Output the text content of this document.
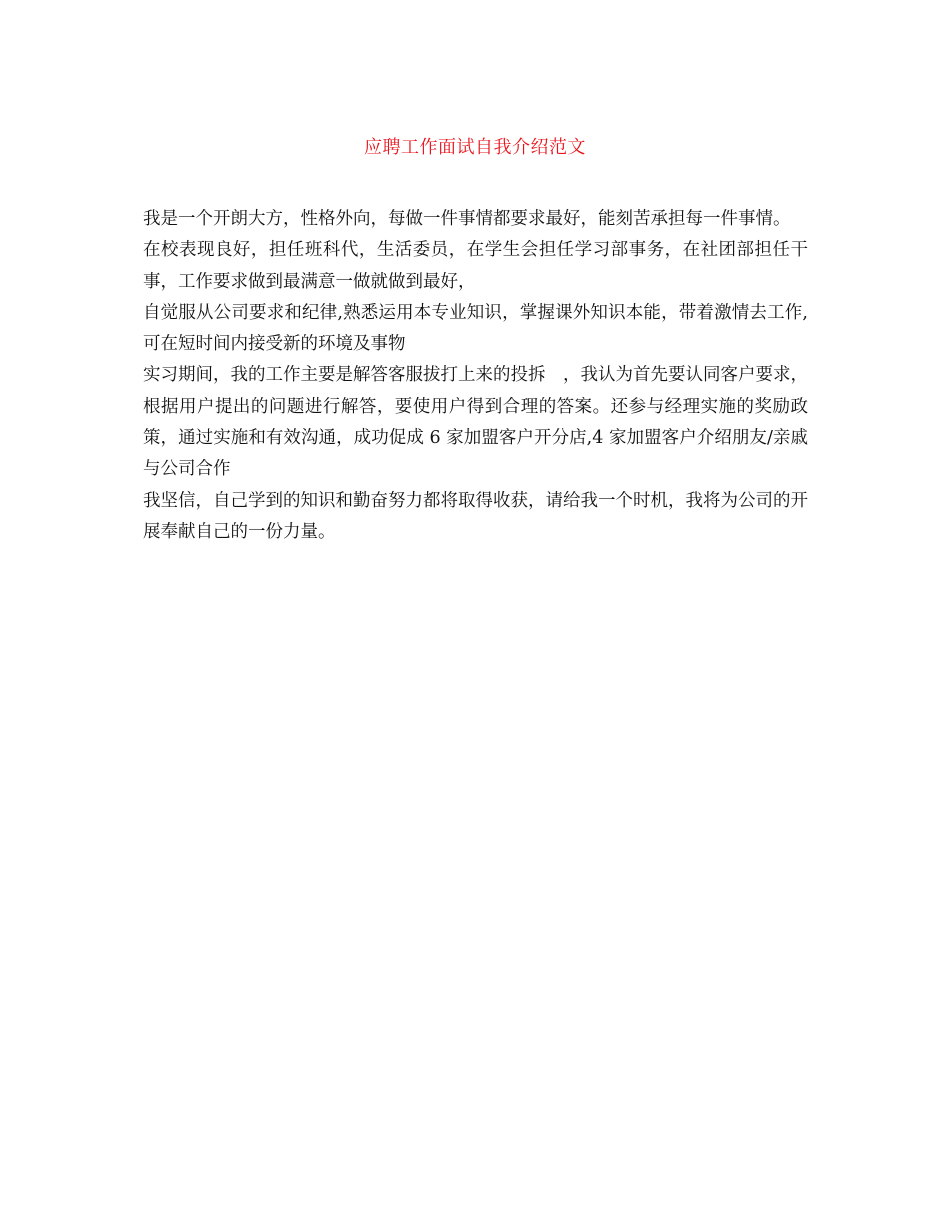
应聘工作面试自我介绍范文

我是一个开朗大方，性格外向，每做一件事情都要求最好，能刻苦承担每一件事情。

在校表现良好，担任班科代，生活委员，在学生会担任学习部事务，在社团部担任干事，工作要求做到最满意一做就做到最好，

自觉服从公司要求和纪律,熟悉运用本专业知识，掌握课外知识本能，带着激情去工作,可在短时间内接受新的环境及事物

实习期间，我的工作主要是解答客服拔打上来的投拆　，我认为首先要认同客户要求，根据用户提出的问题进行解答，要使用户得到合理的答案。还参与经理实施的奖励政策，通过实施和有效沟通，成功促成 6 家加盟客户开分店,4 家加盟客户介绍朋友/亲戚与公司合作

我坚信，自己学到的知识和勤奋努力都将取得收获，请给我一个时机，我将为公司的开展奉献自己的一份力量。
